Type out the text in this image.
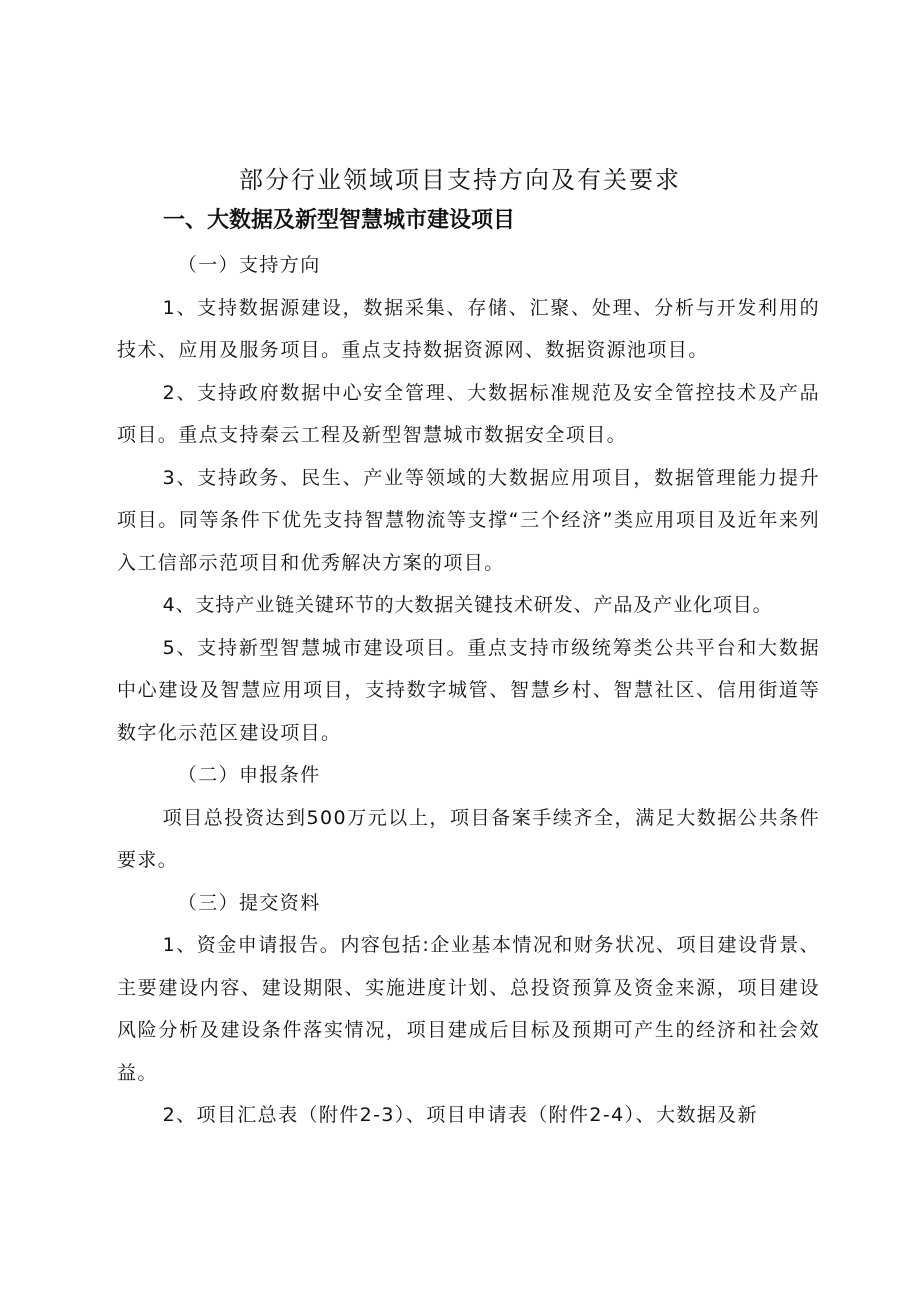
部分行业领域项目支持方向及有关要求
一、大数据及新型智慧城市建设项目

（一）支持方向

1、支持数据源建设，数据采集、存储、汇聚、处理、分析与开发利用的技术、应用及服务项目。重点支持数据资源网、数据资源池项目。

2、支持政府数据中心安全管理、大数据标准规范及安全管控技术及产品项目。重点支持秦云工程及新型智慧城市数据安全项目。

3、支持政务、民生、产业等领域的大数据应用项目，数据管理能力提升项目。同等条件下优先支持智慧物流等支撑“三个经济”类应用项目及近年来列入工信部示范项目和优秀解决方案的项目。

4、支持产业链关键环节的大数据关键技术研发、产品及产业化项目。

5、支持新型智慧城市建设项目。重点支持市级统筹类公共平台和大数据中心建设及智慧应用项目，支持数字城管、智慧乡村、智慧社区、信用街道等数字化示范区建设项目。

（二）申报条件

项目总投资达到500万元以上，项目备案手续齐全，满足大数据公共条件要求。

（三）提交资料

1、资金申请报告。内容包括:企业基本情况和财务状况、项目建设背景、主要建设内容、建设期限、实施进度计划、总投资预算及资金来源，项目建设风险分析及建设条件落实情况，项目建成后目标及预期可产生的经济和社会效益。

2、项目汇总表（附件2-3）、项目申请表（附件2-4）、大数据及新
